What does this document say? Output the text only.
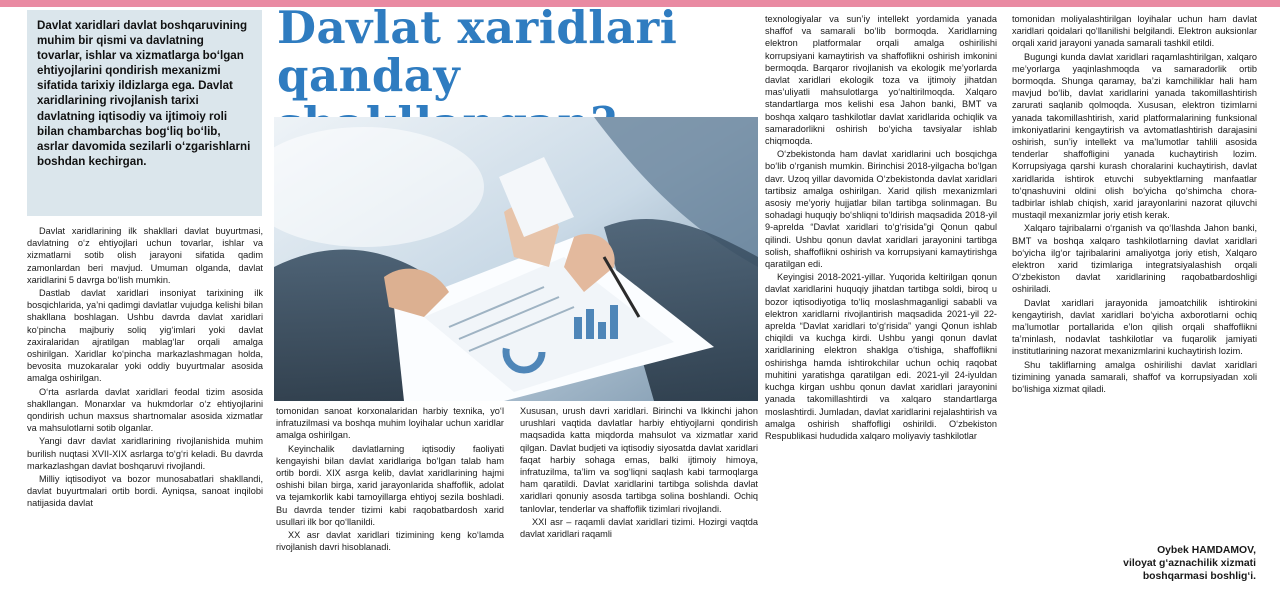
Davlat xaridlari davlat boshqaruvining muhim bir qismi va davlatning tovarlar, ishlar va xizmatlarga bo‘lgan ehtiyojlarini qondirish mexanizmi sifatida tarixiy ildizlarga ega. Davlat xaridlarining rivojlanish tarixi davlatning iqtisodiy va ijtimoiy roli bilan chambarchas bog‘liq bo‘lib, asrlar davomida sezilarli o‘zgarishlarni boshdan kechirgan.

Davlat xaridlarining ilk shakllari davlat buyurtmasi, davlatning o‘z ehtiyojlari uchun tovarlar, ishlar va xizmatlarni sotib olish jarayoni sifatida qadim zamonlardan beri mavjud. Umuman olganda, davlat xaridlarini 5 davrga bo‘lish mumkin.

Dastlab davlat xaridlari insoniyat tarixining ilk bosqichlarida, ya’ni qadimgi davlatlar vujudga kelishi bilan shakllana boshlagan. Ushbu davrda davlat xaridlari ko‘pincha majburiy soliq yig‘imlari yoki davlat zaxiralaridan ajratilgan mablag‘lar orqali amalga oshirilgan. Xaridlar ko‘pincha markazlashmagan holda, bevosita muzokaralar yoki oddiy buyurtmalar asosida amalga oshirilgan.

O‘rta asrlarda davlat xaridlari feodal tizim asosida shakllangan. Monarxlar va hukmdorlar o‘z ehtiyojlarini qondirish uchun maxsus shartnomalar asosida xizmatlar va mahsulotlarni sotib olganlar.

Yangi davr davlat xaridlarining rivojlanishida muhim burilish nuqtasi XVII-XIX asrlarga to‘g‘ri keladi. Bu davrda markazlashgan davlat boshqaruvi rivojlandi.

Milliy iqtisodiyot va bozor munosabatlari shakllandi, davlat buyurtmalari ortib bordi. Ayniqsa, sanoat inqilobi natijasida davlat

Davlat xaridlari qanday

tomonidan sanoat korxonalaridan harbiy texnika, yo‘l infratuzilmasi va boshqa muhim loyihalar uchun xaridlar amalga oshirilgan.

Keyinchalik davlatlarning iqtisodiy faoliyati kengayishi bilan davlat xaridlariga bo‘lgan talab ham ortib bordi. XIX asrga kelib, davlat xaridlarining hajmi oshishi bilan birga, xarid jarayonlarida shaffoflik, adolat va tejamkorlik kabi tamoyillarga ehtiyoj sezila boshladi. Bu davrda tender tizimi kabi raqobatbardosh xarid usullari ilk bor qo‘llanildi.

XX asr davlat xaridlari tizimining keng ko‘lamda rivojlanish davri hisoblanadi.

Xususan, urush davri xaridlari. Birinchi va Ikkinchi jahon urushlari vaqtida davlatlar harbiy ehtiyojlarni qondirish maqsadida katta miqdorda mahsulot va xizmatlar xarid qilgan. Davlat budjeti va iqtisodiy siyosatda davlat xaridlari faqat harbiy sohaga emas, balki ijtimoiy himoya, infratuzilma, ta’lim va sog‘liqni saqlash kabi tarmoqlarga ham qaratildi. Davlat xaridlarini tartibga solishda davlat xaridlari qonuniy asosda tartibga solina boshlandi. Ochiq tanlovlar, tenderlar va shaffoflik tizimlari rivojlandi.

XXI asr – raqamli davlat xaridlari tizimi. Hozirgi vaqtda davlat xaridlari raqamli

texnologiyalar va sun’iy intellekt yordamida yanada shaffof va samarali bo‘lib bormoqda. Xaridlarning elektron platformalar orqali amalga oshirilishi korrupsiyani kamaytirish va shaffoflikni oshirish imkonini bermoqda. Barqaror rivojlanish va ekologik me’yorlarda davlat xaridlari ekologik toza va ijtimoiy jihatdan mas’uliyatli mahsulotlarga yo‘naltirilmoqda. Xalqaro standartlarga mos kelishi esa Jahon banki, BMT va boshqa xalqaro tashkilotlar davlat xaridlarida ochiqlik va samaradorlikni oshirish bo‘yicha tavsiyalar ishlab chiqmoqda.

O‘zbekistonda ham davlat xaridlarini uch bosqichga bo‘lib o‘rganish mumkin. Birinchisi 2018-yilgacha bo‘lgan davr. Uzoq yillar davomida O‘zbekistonda davlat xaridlari tartibsiz amalga oshirilgan. Xarid qilish mexanizmlari asosiy me’yoriy hujjatlar bilan tartibga solinmagan. Bu sohadagi huquqiy bo‘shliqni to‘ldirish maqsadida 2018-yil 9-aprelda “Davlat xaridlari to‘g‘risida”gi Qonun qabul qilindi. Ushbu qonun davlat xaridlari jarayonini tartibga solish, shaffoflikni oshirish va korrupsiyani kamaytirishga qaratilgan edi.

Keyingisi 2018-2021-yillar. Yuqorida keltirilgan qonun davlat xaridlarini huquqiy jihatdan tartibga soldi, biroq u bozor iqtisodiyotiga to‘liq moslashmaganligi sababli va elektron xaridlarni rivojlantirish maqsadida 2021-yil 22-aprelda “Davlat xaridlari to‘g‘risida” yangi Qonun ishlab chiqildi va kuchga kirdi. Ushbu yangi qonun davlat xaridlarining elektron shaklga o‘tishiga, shaffoflikni oshirishga hamda ishtirokchilar uchun ochiq raqobat muhitini yaratishga qaratilgan edi. 2021-yil 24-iyuldan kuchga kirgan ushbu qonun davlat xaridlari jarayonini yanada takomillashtirdi va xalqaro standartlarga moslashtirdi. Jumladan, davlat xaridlarini rejalashtirish va amalga oshirish shaffofligi oshirildi. O‘zbekiston Respublikasi hududida xalqaro moliyaviy tashkilotlar

tomonidan moliyalashtirilgan loyihalar uchun ham davlat xaridlari qoidalari qo‘llanilishi belgilandi. Elektron auksionlar orqali xarid jarayoni yanada samarali tashkil etildi.

Bugungi kunda davlat xaridlari raqamlashtirilgan, xalqaro me’yorlarga yaqinlashmoqda va samaradorlik ortib bormoqda. Shunga qaramay, ba’zi kamchiliklar hali ham mavjud bo‘lib, davlat xaridlarini yanada takomillashtirish zarurati saqlanib qolmoqda. Xususan, elektron tizimlarni yanada takomillashtirish, xarid platformalarining funksional imkoniyatlarini kengaytirish va avtomatlashtirish darajasini oshirish, sun’iy intellekt va ma’lumotlar tahlili asosida tenderlar shaffofligini yanada kuchaytirish lozim. Korrupsiyaga qarshi kurash choralarini kuchaytirish, davlat xaridlarida ishtirok etuvchi subyektlarning manfaatlar to‘qnashuvini oldini olish bo‘yicha qo‘shimcha chora-tadbirlar ishlab chiqish, xarid jarayonlarini nazorat qiluvchi mustaqil mexanizmlar joriy etish kerak.

Xalqaro tajribalarni o‘rganish va qo‘llashda Jahon banki, BMT va boshqa xalqaro tashkilotlarning davlat xaridlari bo‘yicha ilg‘or tajribalarini amaliyotga joriy etish, Xalqaro elektron xarid tizimlariga integratsiyalashish orqali O‘zbekiston davlat xaridlarining raqobatbardoshligi oshiriladi.

Davlat xaridlari jarayonida jamoatchilik ishtirokini kengaytirish, davlat xaridlari bo‘yicha axborotlarni ochiq ma’lumotlar portallarida e’lon qilish orqali shaffoflikni ta’minlash, nodavlat tashkilotlar va fuqarolik jamiyati institutlarining nazorat mexanizmlarini kuchaytirish lozim.

Shu takliflarning amalga oshirilishi davlat xaridlari tizimining yanada samarali, shaffof va korrupsiyadan xoli bo‘lishiga xizmat qiladi.

Oybek HAMDAMOV,
viloyat g‘aznachilik xizmati
boshqarmasi boshlig‘i.
